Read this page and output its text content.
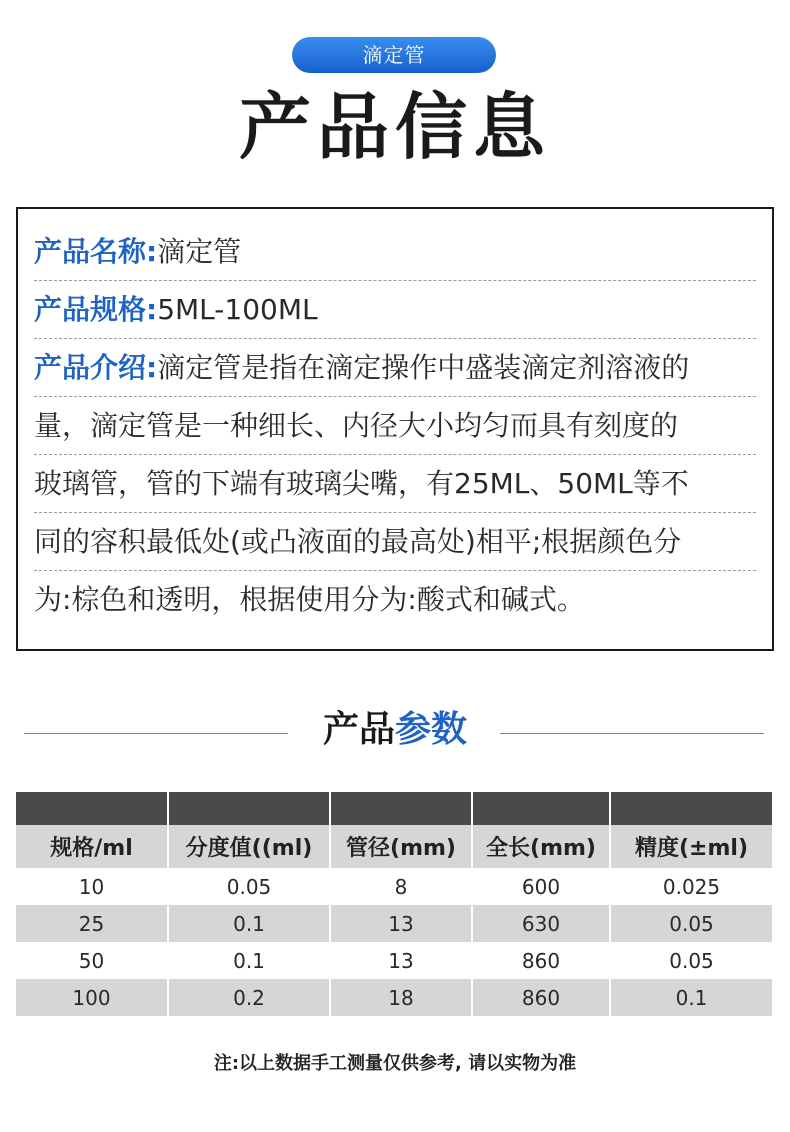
滴定管
产品信息
产品名称:滴定管
产品规格:5ML-100ML
产品介绍:滴定管是指在滴定操作中盛装滴定剂溶液的
量，滴定管是一种细长、内径大小均匀而具有刻度的
玻璃管，管的下端有玻璃尖嘴，有25ML、50ML等不
同的容积最低处(或凸液面的最高处)相平;根据颜色分
为:棕色和透明，根据使用分为:酸式和碱式。
产品参数

规格/ml	分度值((ml)	管径(mm)	全长(mm)	精度(±ml)
10	0.05	8	600	0.025
25	0.1	13	630	0.05
50	0.1	13	860	0.05
100	0.2	18	860	0.1
注:以上数据手工测量仅供参考, 请以实物为准
